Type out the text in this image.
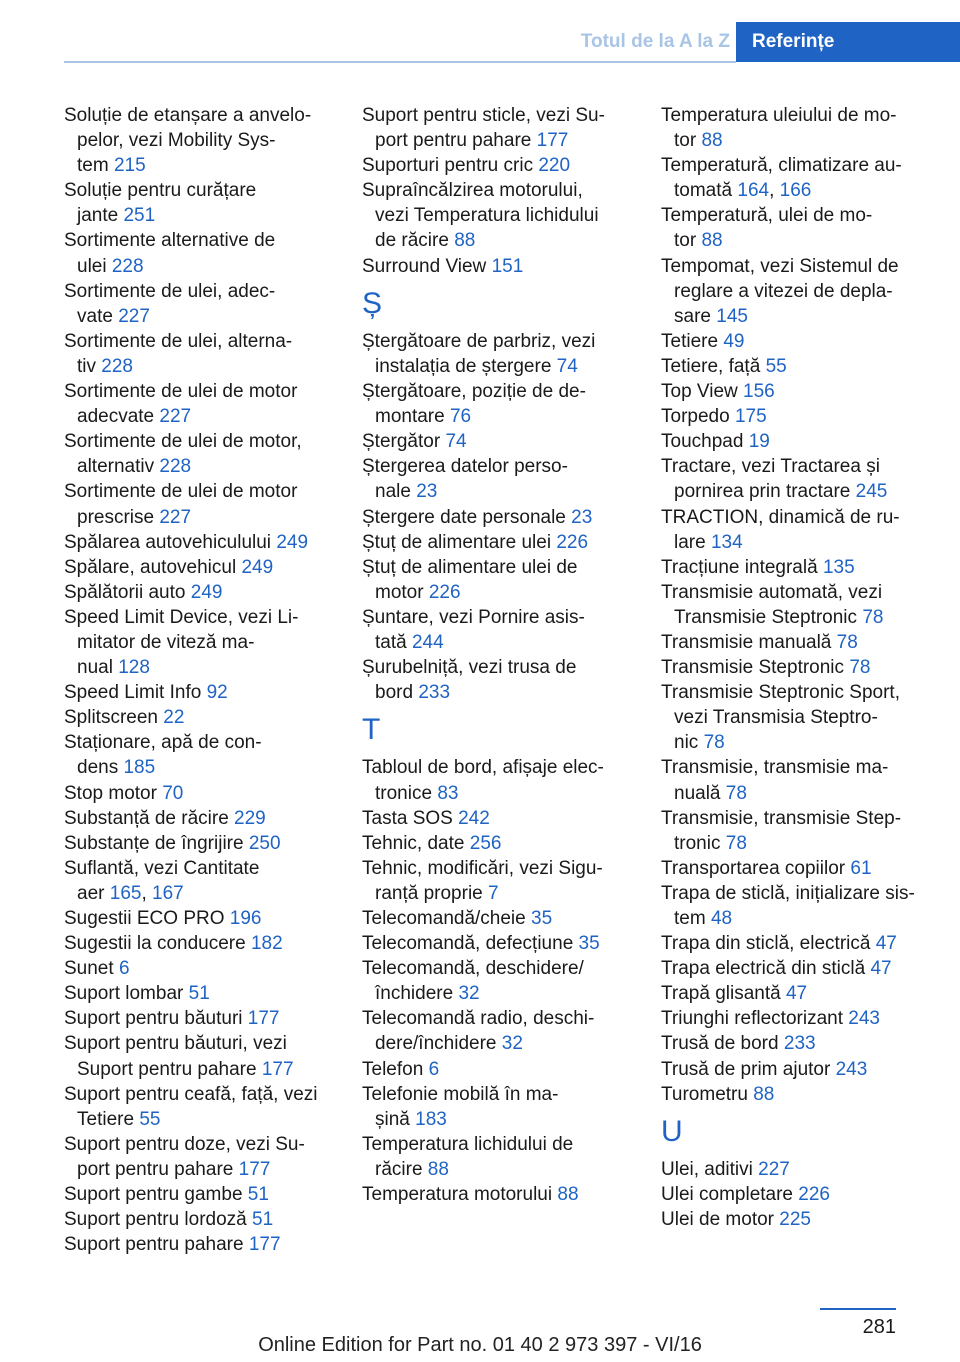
Totul de la A la Z	Referințe
Soluție de etanșare a anvelo-
pelor, vezi Mobility Sys-
tem 215
Soluție pentru curățare
jante 251
Sortimente alternative de
ulei 228
Sortimente de ulei, adec-
vate 227
Sortimente de ulei, alterna-
tiv 228
Sortimente de ulei de motor
adecvate 227
Sortimente de ulei de motor,
alternativ 228
Sortimente de ulei de motor
prescrise 227
Spălarea autovehiculului 249
Spălare, autovehicul 249
Spălătorii auto 249
Speed Limit Device, vezi Li-
mitator de viteză ma-
nual 128
Speed Limit Info 92
Splitscreen 22
Staționare, apă de con-
dens 185
Stop motor 70
Substanță de răcire 229
Substanțe de îngrijire 250
Suflantă, vezi Cantitate
aer 165, 167
Sugestii ECO PRO 196
Sugestii la conducere 182
Sunet 6
Suport lombar 51
Suport pentru băuturi 177
Suport pentru băuturi, vezi
Suport pentru pahare 177
Suport pentru ceafă, față, vezi
Tetiere 55
Suport pentru doze, vezi Su-
port pentru pahare 177
Suport pentru gambe 51
Suport pentru lordoză 51
Suport pentru pahare 177
Suport pentru sticle, vezi Su-
port pentru pahare 177
Suporturi pentru cric 220
Supraîncălzirea motorului,
vezi Temperatura lichidului
de răcire 88
Surround View 151
Ș
Ștergătoare de parbriz, vezi
instalația de ștergere 74
Ștergătoare, poziție de de-
montare 76
Ștergător 74
Ștergerea datelor perso-
nale 23
Ștergere date personale 23
Ștuț de alimentare ulei 226
Ștuț de alimentare ulei de
motor 226
Șuntare, vezi Pornire asis-
tată 244
Șurubelniță, vezi trusa de
bord 233
T
Tabloul de bord, afișaje elec-
tronice 83
Tasta SOS 242
Tehnic, date 256
Tehnic, modificări, vezi Sigu-
ranță proprie 7
Telecomandă/cheie 35
Telecomandă, defecțiune 35
Telecomandă, deschidere/
închidere 32
Telecomandă radio, deschi-
dere/închidere 32
Telefon 6
Telefonie mobilă în ma-
șină 183
Temperatura lichidului de
răcire 88
Temperatura motorului 88
Temperatura uleiului de mo-
tor 88
Temperatură, climatizare au-
tomată 164, 166
Temperatură, ulei de mo-
tor 88
Tempomat, vezi Sistemul de
reglare a vitezei de depla-
sare 145
Tetiere 49
Tetiere, față 55
Top View 156
Torpedo 175
Touchpad 19
Tractare, vezi Tractarea și
pornirea prin tractare 245
TRACTION, dinamică de ru-
lare 134
Tracțiune integrală 135
Transmisie automată, vezi
Transmisie Steptronic 78
Transmisie manuală 78
Transmisie Steptronic 78
Transmisie Steptronic Sport,
vezi Transmisia Steptro-
nic 78
Transmisie, transmisie ma-
nuală 78
Transmisie, transmisie Step-
tronic 78
Transportarea copiilor 61
Trapa de sticlă, inițializare sis-
tem 48
Trapa din sticlă, electrică 47
Trapa electrică din sticlă 47
Trapă glisantă 47
Triunghi reflectorizant 243
Trusă de bord 233
Trusă de prim ajutor 243
Turometru 88
U
Ulei, aditivi 227
Ulei completare 226
Ulei de motor 225
281
Online Edition for Part no. 01 40 2 973 397 - VI/16
